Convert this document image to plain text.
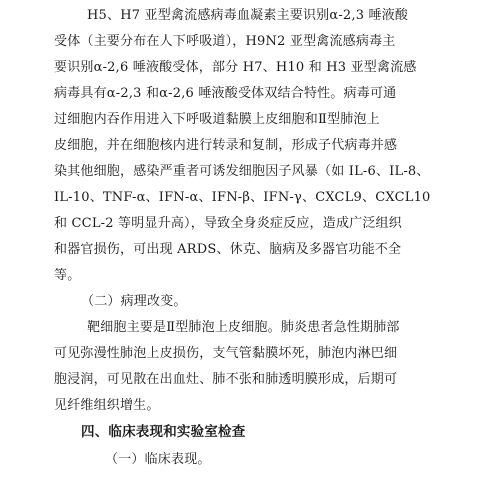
H5、H7 亚型禽流感病毒血凝素主要识别α-2,3 唾液酸
受体（主要分布在人下呼吸道），H9N2 亚型禽流感病毒主
要识别α-2,6 唾液酸受体，部分 H7、H10 和 H3 亚型禽流感
病毒具有α-2,3 和α-2,6 唾液酸受体双结合特性。病毒可通
过细胞内吞作用进入下呼吸道黏膜上皮细胞和Ⅱ型肺泡上
皮细胞，并在细胞核内进行转录和复制，形成子代病毒并感
染其他细胞，感染严重者可诱发细胞因子风暴（如 IL-6、IL-8、
IL-10、TNF-α、IFN-α、IFN-β、IFN-γ、CXCL9、CXCL10
和 CCL-2 等明显升高），导致全身炎症反应，造成广泛组织
和器官损伤，可出现 ARDS、休克、脑病及多器官功能不全
等。
（二）病理改变。
靶细胞主要是Ⅱ型肺泡上皮细胞。肺炎患者急性期肺部
可见弥漫性肺泡上皮损伤，支气管黏膜坏死，肺泡内淋巴细
胞浸润，可见散在出血灶、肺不张和肺透明膜形成，后期可
见纤维组织增生。
四、临床表现和实验室检查
（一）临床表现。
